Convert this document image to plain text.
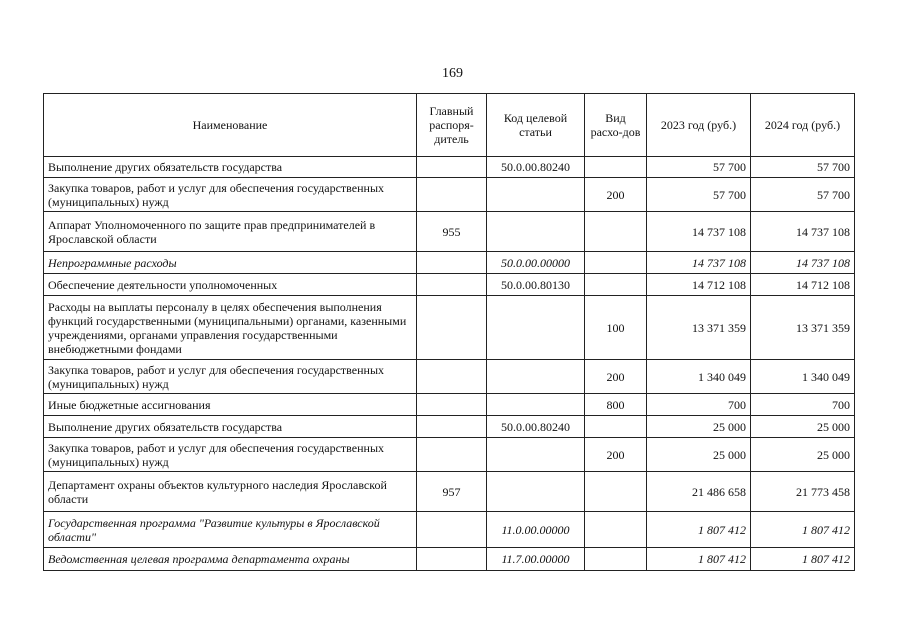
169
Наименование	Главный распоря-дитель	Код целевой статьи	Вид расхо-дов	2023 год (руб.)	2024 год (руб.)
Выполнение других обязательств государства		50.0.00.80240		57 700	57 700
Закупка товаров, работ и услуг для обеспечения государственных (муниципальных) нужд			200	57 700	57 700
Аппарат Уполномоченного по защите прав предпринимателей в Ярославской области	955			14 737 108	14 737 108
Непрограммные расходы		50.0.00.00000		14 737 108	14 737 108
Обеспечение деятельности уполномоченных		50.0.00.80130		14 712 108	14 712 108
Расходы на выплаты персоналу в целях обеспечения выполнения функций государственными (муниципальными) органами, казенными учреждениями, органами управления государственными внебюджетными фондами			100	13 371 359	13 371 359
Закупка товаров, работ и услуг для обеспечения государственных (муниципальных) нужд			200	1 340 049	1 340 049
Иные бюджетные ассигнования			800	700	700
Выполнение других обязательств государства		50.0.00.80240		25 000	25 000
Закупка товаров, работ и услуг для обеспечения государственных (муниципальных) нужд			200	25 000	25 000
Департамент охраны объектов культурного наследия Ярославской области	957			21 486 658	21 773 458
Государственная программа "Развитие культуры в Ярославской области"		11.0.00.00000		1 807 412	1 807 412
Ведомственная целевая программа департамента охраны		11.7.00.00000		1 807 412	1 807 412
